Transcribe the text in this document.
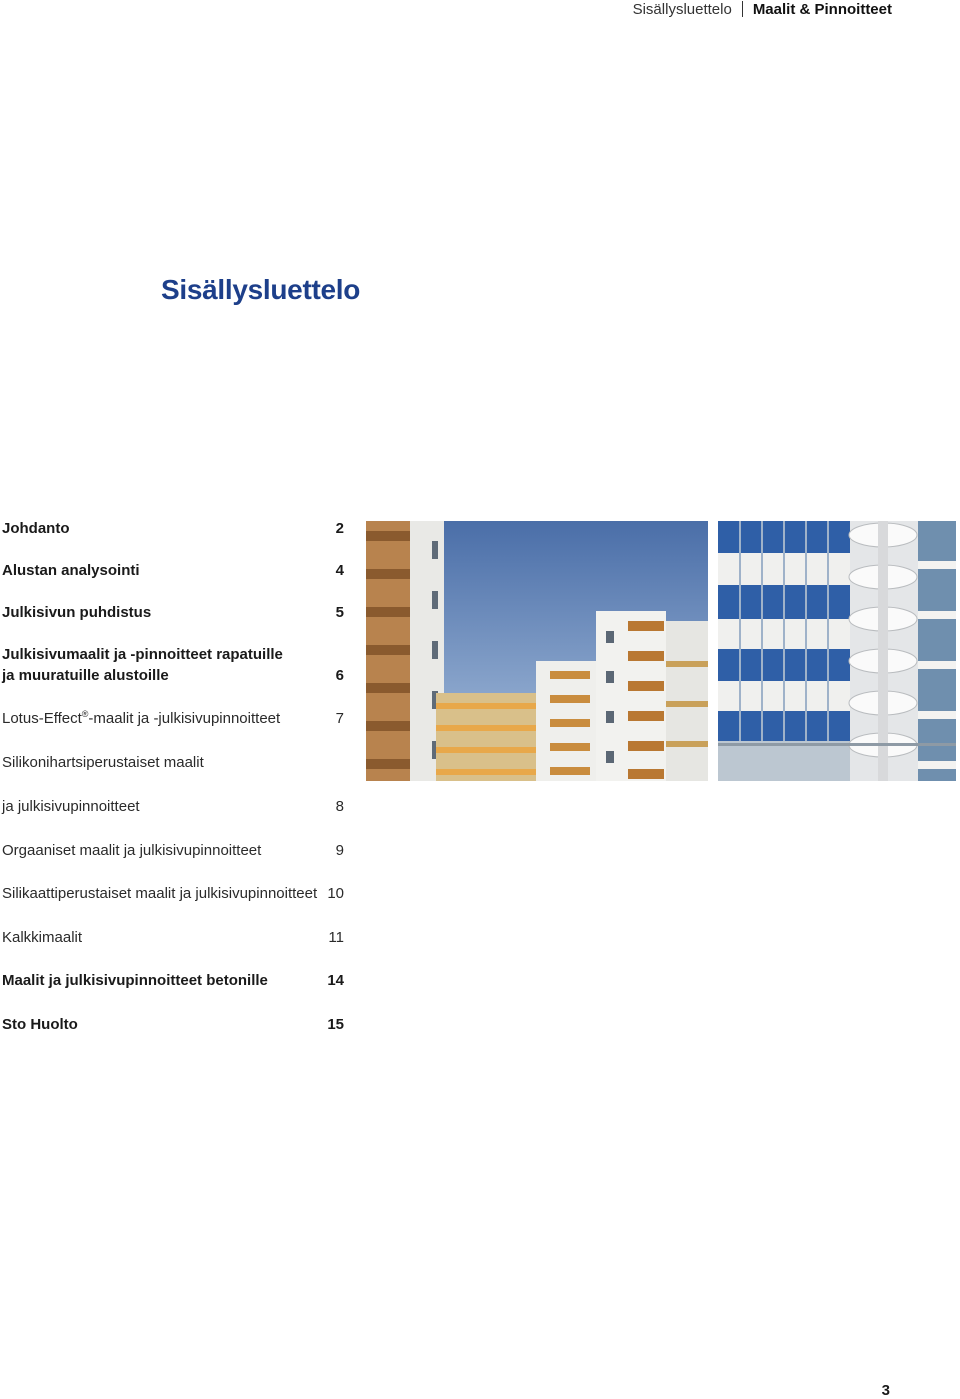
Sisällysluettelo Maalit & Pinnoitteet
Sisällysluettelo
Johdanto	2
Alustan analysointi	4
Julkisivun puhdistus	5
Julkisivumaalit ja -pinnoitteet rapatuille
ja muuratuille alustoille	6
Lotus-Effect®-maalit ja -julkisivupinnoitteet	7
Silikonihartsiperustaiset maalit
ja julkisivupinnoitteet	8
Orgaaniset maalit ja julkisivupinnoitteet	9
Silikaattiperustaiset maalit ja julkisivupinnoitteet 10
Kalkkimaalit	11
Maalit ja julkisivupinnoitteet betonille	14
Sto Huolto	15
3
